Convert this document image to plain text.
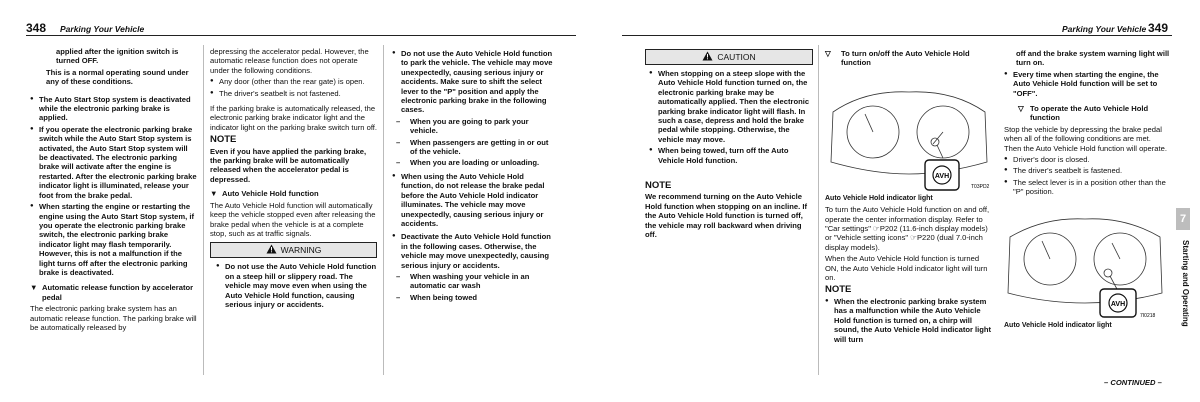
348 Parking Your Vehicle

applied after the ignition switch is turned OFF.

This is a normal operating sound under any of these conditions.

● The Auto Start Stop system is deactivated while the electronic parking brake is applied.
● If you operate the electronic parking brake switch while the Auto Start Stop system is activated, the Auto Start Stop system will be deactivated. The electronic parking brake will activate after the engine is restarted. After the electronic parking brake indicator light is illuminated, release your foot from the brake pedal.
● When starting the engine or restarting the engine using the Auto Start Stop system, if you operate the electronic parking brake switch, the electronic parking brake indicator light may flash temporarily. However, this is not a malfunction if the light turns off after the electronic parking brake is deactivated.
▼ Automatic release function by accelerator pedal

The electronic parking brake system has an automatic release function. The parking brake will be automatically released by

depressing the accelerator pedal. However, the automatic release function does not operate under the following conditions.

● Any door (other than the rear gate) is open.
● The driver's seatbelt is not fastened.

If the parking brake is automatically released, the electronic parking brake indicator light and the indicator light on the parking brake switch turn off.

NOTE

Even if you have applied the parking brake, the parking brake will be automatically released when the accelerator pedal is depressed.

▼ Auto Vehicle Hold function

The Auto Vehicle Hold function will automatically keep the vehicle stopped even after releasing the brake pedal when the vehicle is at a complete stop, such as at traffic signals.

WARNING
● Do not use the Auto Vehicle Hold function on a steep hill or slippery road. The vehicle may move even when using the Auto Vehicle Hold function, causing serious injury or accidents.
● Do not use the Auto Vehicle Hold function to park the vehicle. The vehicle may move unexpectedly, causing serious injury or accidents. Make sure to shift the select lever to the "P" position and apply the electronic parking brake in the following cases.
– When you are going to park your vehicle.
– When passengers are getting in or out of the vehicle.
– When you are loading or unloading.
● When using the Auto Vehicle Hold function, do not release the brake pedal before the Auto Vehicle Hold indicator illuminates. The vehicle may move unexpectedly, causing serious injury or accidents.
● Deactivate the Auto Vehicle Hold function in the following cases. Otherwise, the vehicle may move unexpectedly, causing serious injury or accidents.
– When washing your vehicle in an automatic car wash
– When being towed
Parking Your Vehicle 349
CAUTION
● When stopping on a steep slope with the Auto Vehicle Hold function turned on, the electronic parking brake may be automatically applied. Then the electronic parking brake indicator light will flash. In such a case, depress and hold the brake pedal while stopping. Otherwise, the vehicle may move.
● When being towed, turn off the Auto Vehicle Hold function.
NOTE

We recommend turning on the Auto Vehicle Hold function when stopping on an incline. If the Auto Vehicle Hold function is turned off, the vehicle may roll backward when driving off.

▽ To turn on/off the Auto Vehicle Hold function
AVH
T03PD2

Auto Vehicle Hold indicator light

To turn the Auto Vehicle Hold function on and off, operate the center information display. Refer to "Car settings" ☞P202 (11.6-inch display models) or "Vehicle setting icons" ☞P220 (dual 7.0-inch display models).

When the Auto Vehicle Hold function is turned ON, the Auto Vehicle Hold indicator light will turn on.

NOTE
● When the electronic parking brake system has a malfunction while the Auto Vehicle Hold function is turned on, a chirp will sound, the Auto Vehicle Hold indicator light will turn

off and the brake system warning light will turn on.

● Every time when starting the engine, the Auto Vehicle Hold function will be set to "OFF".
▽ To operate the Auto Vehicle Hold function

Stop the vehicle by depressing the brake pedal when all of the following conditions are met. Then the Auto Vehicle Hold function will operate.

● Driver's door is closed.
● The driver's seatbelt is fastened.
● The select lever is in a position other than the "P" position.
AVH
7I0218

Auto Vehicle Hold indicator light

7
Starting and Operating
– CONTINUED –
